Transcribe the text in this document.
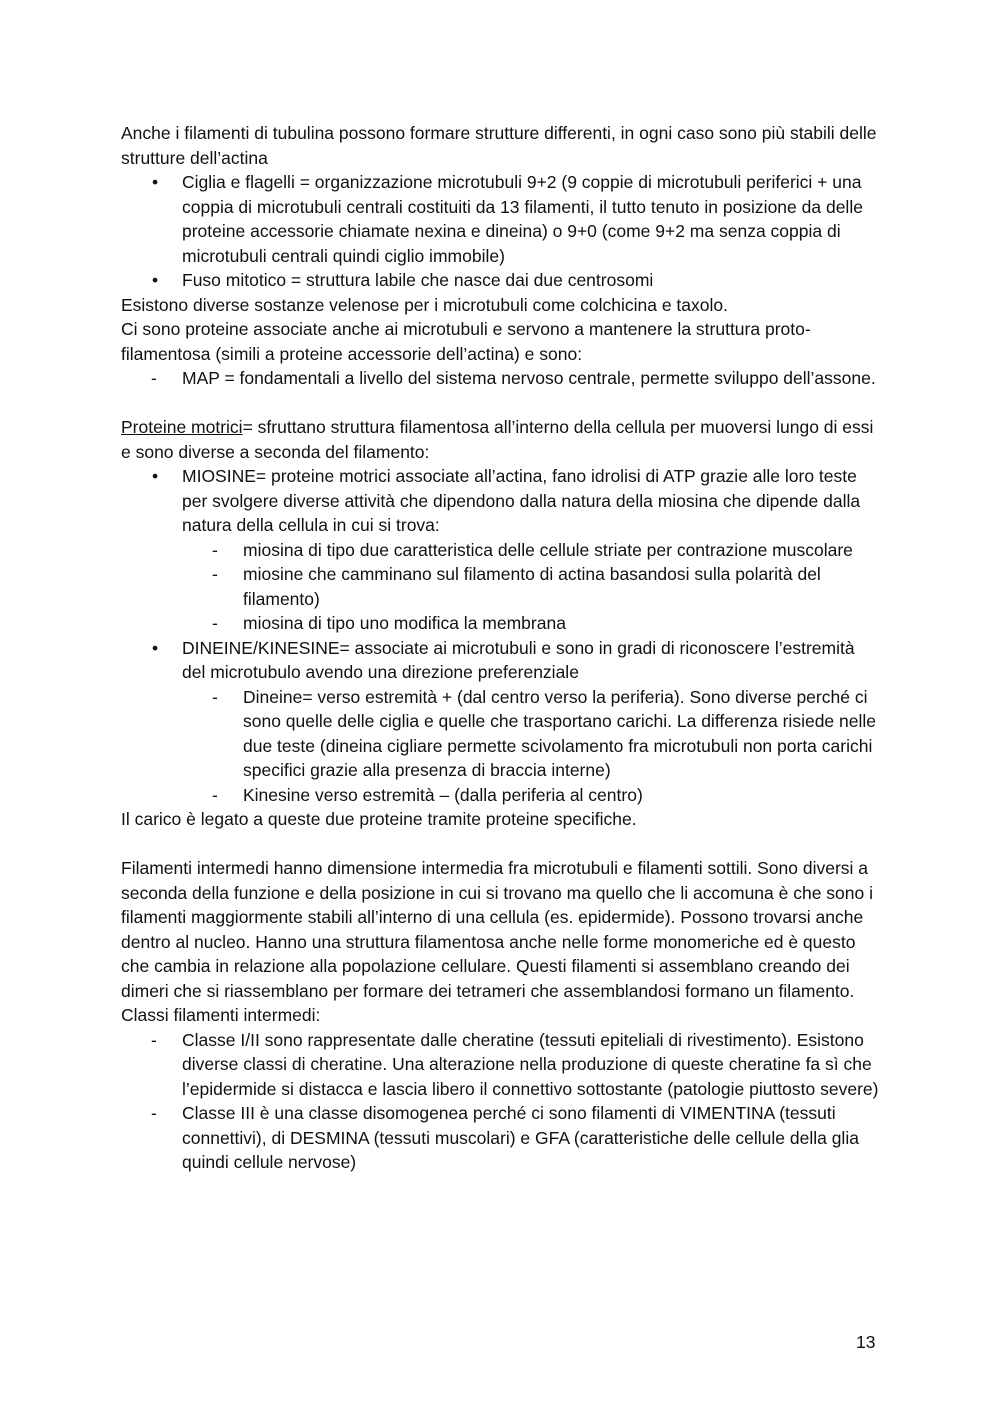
Anche i filamenti di tubulina possono formare strutture differenti, in ogni caso sono più stabili delle strutture dell’actina

• Ciglia e flagelli = organizzazione microtubuli 9+2 (9 coppie di microtubuli periferici + una coppia di microtubuli centrali costituiti da 13 filamenti, il tutto tenuto in posizione da delle proteine accessorie chiamate nexina e dineina) o 9+0 (come 9+2 ma senza coppia di microtubuli centrali quindi ciglio immobile)
• Fuso mitotico = struttura labile che nasce dai due centrosomi

Esistono diverse sostanze velenose per i microtubuli come colchicina e taxolo.

Ci sono proteine associate anche ai microtubuli e servono a mantenere la struttura proto-filamentosa (simili a proteine accessorie dell’actina) e sono:

- MAP = fondamentali a livello del sistema nervoso centrale, permette sviluppo dell’assone.

Proteine motrici= sfruttano struttura filamentosa all’interno della cellula per muoversi lungo di essi e sono diverse a seconda del filamento:

• MIOSINE= proteine motrici associate all’actina, fano idrolisi di ATP grazie alle loro teste per svolgere diverse attività che dipendono dalla natura della miosina che dipende dalla natura della cellula in cui si trova:
- miosina di tipo due caratteristica delle cellule striate per contrazione muscolare
- miosine che camminano sul filamento di actina basandosi sulla polarità del filamento)
- miosina di tipo uno modifica la membrana
• DINEINE/KINESINE= associate ai microtubuli e sono in gradi di riconoscere l’estremità del microtubulo avendo una direzione preferenziale
- Dineine= verso estremità + (dal centro verso la periferia). Sono diverse perché ci sono quelle delle ciglia e quelle che trasportano carichi. La differenza risiede nelle due teste (dineina cigliare permette scivolamento fra microtubuli non porta carichi specifici grazie alla presenza di braccia interne)
- Kinesine verso estremità – (dalla periferia al centro)

Il carico è legato a queste due proteine tramite proteine specifiche.

Filamenti intermedi hanno dimensione intermedia fra microtubuli e filamenti sottili. Sono diversi a seconda della funzione e della posizione in cui si trovano ma quello che li accomuna è che sono i filamenti maggiormente stabili all’interno di una cellula (es. epidermide). Possono trovarsi anche dentro al nucleo. Hanno una struttura filamentosa anche nelle forme monomeriche ed è questo che cambia in relazione alla popolazione cellulare. Questi filamenti si assemblano creando dei dimeri che si riassemblano per formare dei tetrameri che assemblandosi formano un filamento.

Classi filamenti intermedi:

- Classe I/II sono rappresentate dalle cheratine (tessuti epiteliali di rivestimento). Esistono diverse classi di cheratine. Una alterazione nella produzione di queste cheratine fa sì che l’epidermide si distacca e lascia libero il connettivo sottostante (patologie piuttosto severe)
- Classe III è una classe disomogenea perché ci sono filamenti di VIMENTINA (tessuti connettivi), di DESMINA (tessuti muscolari) e GFA (caratteristiche delle cellule della glia quindi cellule nervose)
13
